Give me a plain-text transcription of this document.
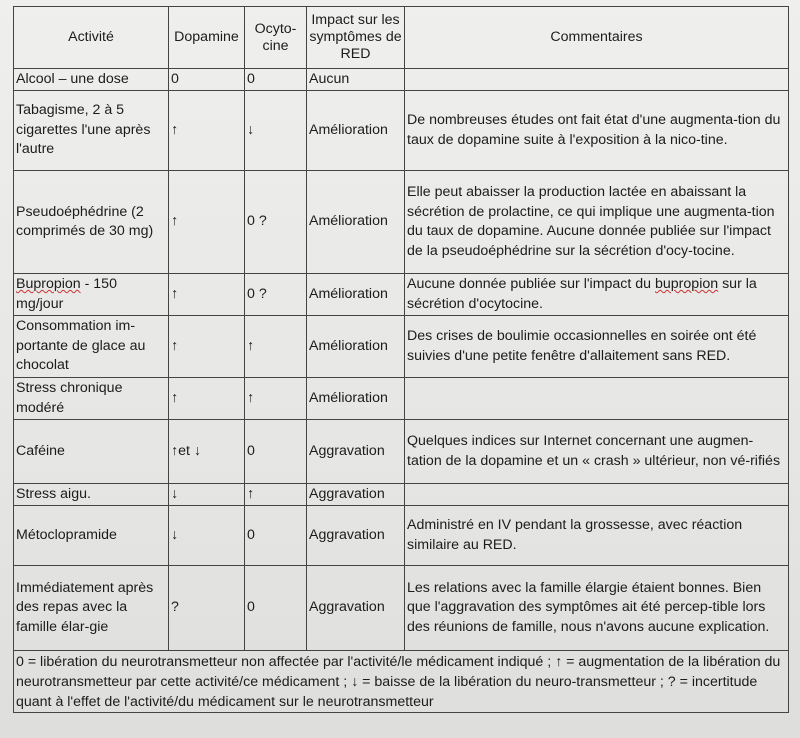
Activité	Dopamine	Ocyto-cine	Impact sur les symptômes de RED	Commentaires
Alcool – une dose	0	0	Aucun	
Tabagisme, 2 à 5 cigarettes l'une après l'autre	↑	↓	Amélioration	De nombreuses études ont fait état d'une augmenta-tion du taux de dopamine suite à l'exposition à la nico-tine.
Pseudoéphédrine (2 comprimés de 30 mg)	↑	0 ?	Amélioration	Elle peut abaisser la production lactée en abaissant la sécrétion de prolactine, ce qui implique une augmenta-tion du taux de dopamine. Aucune donnée publiée sur l'impact de la pseudoéphédrine sur la sécrétion d'ocy-tocine.
Bupropion - 150 mg/jour	↑	0 ?	Amélioration	Aucune donnée publiée sur l'impact du bupropion sur la sécrétion d'ocytocine.
Consommation im-portante de glace au chocolat	↑	↑	Amélioration	Des crises de boulimie occasionnelles en soirée ont été suivies d'une petite fenêtre d'allaitement sans RED.
Stress chronique modéré	↑	↑	Amélioration	
Caféine	↑et ↓	0	Aggravation	Quelques indices sur Internet concernant une augmen-tation de la dopamine et un « crash » ultérieur, non vé-rifiés
Stress aigu.	↓	↑	Aggravation	
Métoclopramide	↓	0	Aggravation	Administré en IV pendant la grossesse, avec réaction similaire au RED.
Immédiatement après des repas avec la famille élar-gie	?	0	Aggravation	Les relations avec la famille élargie étaient bonnes. Bien que l'aggravation des symptômes ait été percep-tible lors des réunions de famille, nous n'avons aucune explication.
0 = libération du neurotransmetteur non affectée par l'activité/le médicament indiqué ; ↑ = augmentation de la libération du neurotransmetteur par cette activité/ce médicament ; ↓ = baisse de la libération du neuro-transmetteur ; ? = incertitude quant à l'effet de l'activité/du médicament sur le neurotransmetteur				
